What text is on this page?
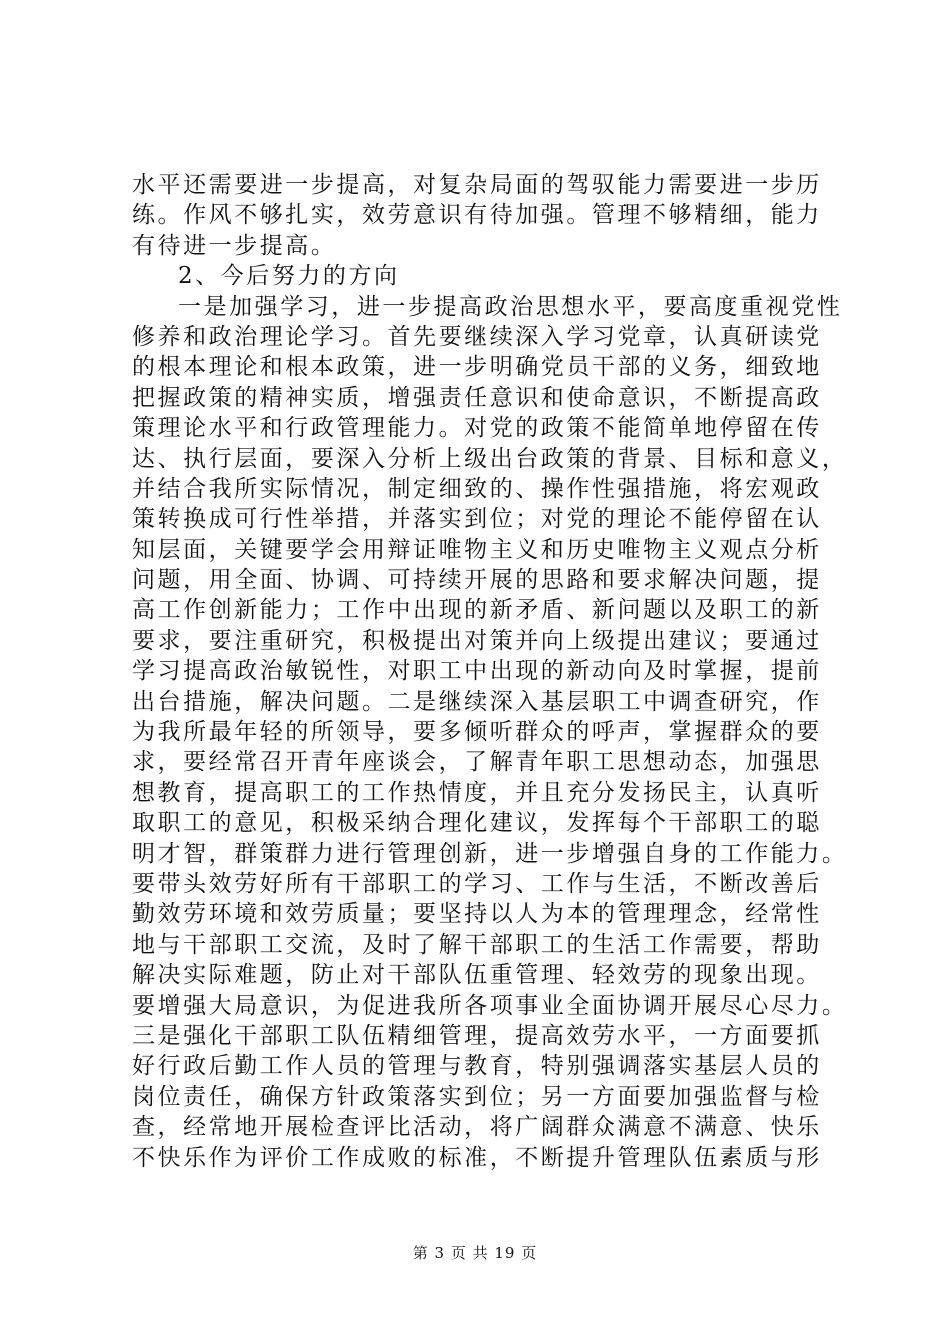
水平还需要进一步提高，对复杂局面的驾驭能力需要进一步历
练。作风不够扎实，效劳意识有待加强。管理不够精细，能力
有待进一步提高。
2、今后努力的方向
一是加强学习，进一步提高政治思想水平，要高度重视党性
修养和政治理论学习。首先要继续深入学习党章，认真研读党
的根本理论和根本政策，进一步明确党员干部的义务，细致地
把握政策的精神实质，增强责任意识和使命意识，不断提高政
策理论水平和行政管理能力。对党的政策不能简单地停留在传
达、执行层面，要深入分析上级出台政策的背景、目标和意义，
并结合我所实际情况，制定细致的、操作性强措施，将宏观政
策转换成可行性举措，并落实到位；对党的理论不能停留在认
知层面，关键要学会用辩证唯物主义和历史唯物主义观点分析
问题，用全面、协调、可持续开展的思路和要求解决问题，提
高工作创新能力；工作中出现的新矛盾、新问题以及职工的新
要求，要注重研究，积极提出对策并向上级提出建议；要通过
学习提高政治敏锐性，对职工中出现的新动向及时掌握，提前
出台措施，解决问题。二是继续深入基层职工中调查研究，作
为我所最年轻的所领导，要多倾听群众的呼声，掌握群众的要
求，要经常召开青年座谈会，了解青年职工思想动态，加强思
想教育，提高职工的工作热情度，并且充分发扬民主，认真听
取职工的意见，积极采纳合理化建议，发挥每个干部职工的聪
明才智，群策群力进行管理创新，进一步增强自身的工作能力。
要带头效劳好所有干部职工的学习、工作与生活，不断改善后
勤效劳环境和效劳质量；要坚持以人为本的管理理念，经常性
地与干部职工交流，及时了解干部职工的生活工作需要，帮助
解决实际难题，防止对干部队伍重管理、轻效劳的现象出现。
要增强大局意识，为促进我所各项事业全面协调开展尽心尽力。
三是强化干部职工队伍精细管理，提高效劳水平，一方面要抓
好行政后勤工作人员的管理与教育，特别强调落实基层人员的
岗位责任，确保方针政策落实到位；另一方面要加强监督与检
查，经常地开展检查评比活动，将广阔群众满意不满意、快乐
不快乐作为评价工作成败的标准，不断提升管理队伍素质与形
第 3 页 共 19 页
